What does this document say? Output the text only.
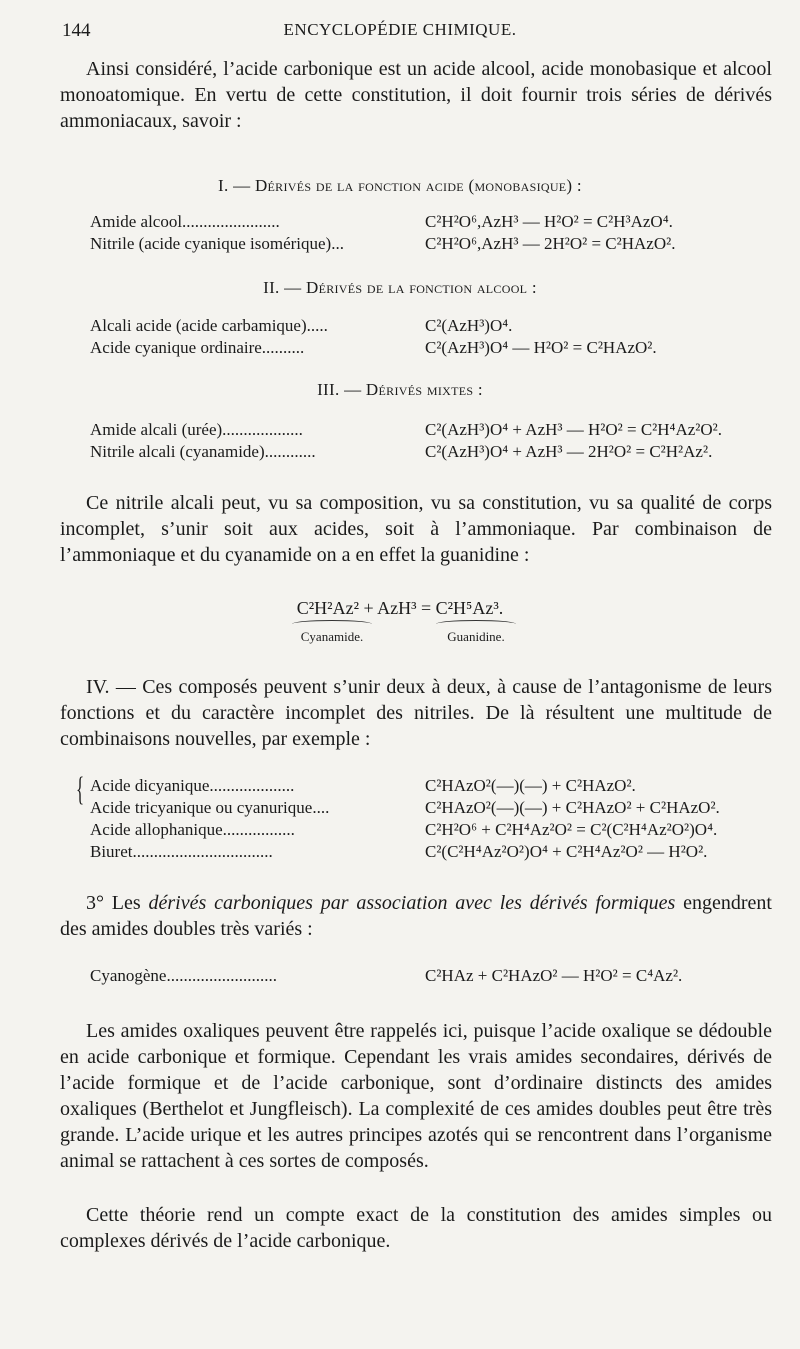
144	ENCYCLOPÉDIE CHIMIQUE.
Ainsi considéré, l’acide carbonique est un acide alcool, acide monobasique et alcool monoatomique. En vertu de cette constitution, il doit fournir trois séries de dérivés ammoniacaux, savoir :
I. — Dérivés de la fonction acide (monobasique) :
Amide alcool.......................	C²H²O⁶,AzH³ — H²O² = C²H³AzO⁴.
Nitrile (acide cyanique isomérique)...	C²H²O⁶,AzH³ — 2H²O² = C²HAzO².
II. — Dérivés de la fonction alcool :
Alcali acide (acide carbamique).....	C²(AzH³)O⁴.
Acide cyanique ordinaire..........	C²(AzH³)O⁴ — H²O² = C²HAzO².
III. — Dérivés mixtes :
Amide alcali (urée)...................	C²(AzH³)O⁴ + AzH³ — H²O² = C²H⁴Az²O².
Nitrile alcali (cyanamide)............	C²(AzH³)O⁴ + AzH³ — 2H²O² = C²H²Az².
Ce nitrile alcali peut, vu sa composition, vu sa constitution, vu sa qualité de corps incomplet, s’unir soit aux acides, soit à l’ammoniaque. Par combinaison de l’ammoniaque et du cyanamide on a en effet la guanidine :
C²H²Az² + AzH³ = C²H⁵Az³.
Cyanamide.	Guanidine.
IV. — Ces composés peuvent s’unir deux à deux, à cause de l’antagonisme de leurs fonctions et du caractère incomplet des nitriles. De là résultent une multitude de combinaisons nouvelles, par exemple :
{ Acide dicyanique....................	C²HAzO²(—)(—) + C²HAzO².
Acide tricyanique ou cyanurique....	C²HAzO²(—)(—) + C²HAzO² + C²HAzO².
Acide allophanique.................	C²H²O⁶ + C²H⁴Az²O² = C²(C²H⁴Az²O²)O⁴.
Biuret.................................	C²(C²H⁴Az²O²)O⁴ + C²H⁴Az²O² — H²O².
3° Les dérivés carboniques par association avec les dérivés formiques engendrent des amides doubles très variés :
Cyanogène..........................	C²HAz + C²HAzO² — H²O² = C⁴Az².
Les amides oxaliques peuvent être rappelés ici, puisque l’acide oxalique se dédouble en acide carbonique et formique. Cependant les vrais amides secondaires, dérivés de l’acide formique et de l’acide carbonique, sont d’ordinaire distincts des amides oxaliques (Berthelot et Jungfleisch). La complexité de ces amides doubles peut être très grande. L’acide urique et les autres principes azotés qui se rencontrent dans l’organisme animal se rattachent à ces sortes de composés.
Cette théorie rend un compte exact de la constitution des amides simples ou complexes dérivés de l’acide carbonique.
